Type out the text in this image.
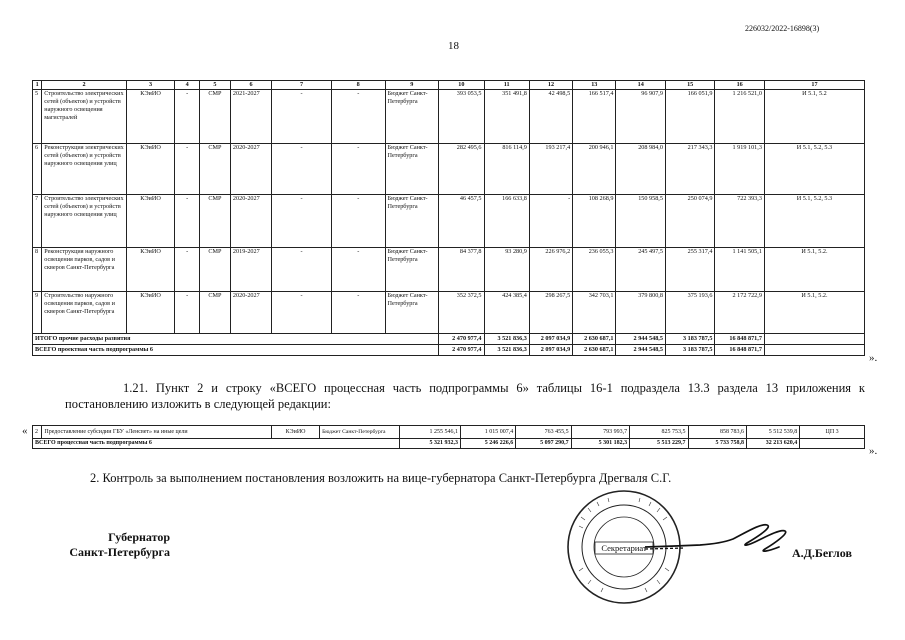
226032/2022-16898(3)
18
1	2	3	4	5	6	7	8	9	10	11	12	13	14	15	16	17
5	Строительство электрических сетей (объектов) и устройств наружного освещения магистралей	КЭиИО	-	СМР	2021-2027	-	-	Бюджет Санкт-Петербурга	393 053,5	351 491,8	42 498,5	166 517,4	96 907,9	166 051,9	1 216 521,0	И 5.1, 5.2
6	Реконструкция электрических сетей (объектов) и устройств наружного освещения улиц	КЭиИО	-	СМР	2020-2027	-	-	Бюджет Санкт-Петербурга	282 495,6	816 114,9	193 217,4	200 946,1	208 984,0	217 343,3	1 919 101,3	И 5.1, 5.2, 5.3
7	Строительство электрических сетей (объектов) и устройств наружного освещения улиц	КЭиИО	-	СМР	2020-2027	-	-	Бюджет Санкт-Петербурга	46 457,5	166 633,8	-	108 268,9	150 958,5	250 074,9	722 393,3	И 5.1, 5.2, 5.3
8	Реконструкция наружного освещения парков, садов и скверов Санкт-Петербурга	КЭиИО	-	СМР	2019-2027	-	-	Бюджет Санкт-Петербурга	84 377,8	93 280,9	226 976,2	236 055,3	245 497,5	255 317,4	1 141 505,1	И 5.1, 5.2.
9	Строительство наружного освещения парков, садов и скверов Санкт-Петербурга	КЭиИО	-	СМР	2020-2027	-	-	Бюджет Санкт-Петербурга	352 372,5	424 385,4	298 267,5	342 703,1	379 800,8	375 193,6	2 172 722,9	И 5.1, 5.2.
ИТОГО прочие расходы развития									2 470 977,4	3 521 836,3	2 097 034,9	2 630 687,1	2 944 548,5	3 183 787,5	16 848 871,7	
ВСЕГО проектная часть подпрограммы 6									2 470 977,4	3 521 836,3	2 097 034,9	2 630 687,1	2 944 548,5	3 183 787,5	16 848 871,7	
».
1.21. Пункт 2 и строку «ВСЕГО процессная часть подпрограммы 6» таблицы 16-1 подраздела 13.3 раздела 13 приложения к постановлению изложить в следующей редакции:
« 2	Предоставление субсидии ГБУ «Ленсвет» на иные цели	КЭиИО	Бюджет Санкт-Петербурга	1 255 546,1	1 015 007,4	763 455,5	793 993,7	825 753,5	858 783,6	5 512 539,8	ЦП 3
ВСЕГО процессная часть подпрограммы 6				5 321 932,3	5 246 226,6	5 097 290,7	5 301 182,3	5 513 229,7	5 733 758,8	32 213 620,4	
».
2. Контроль за выполнением постановления возложить на вице-губернатора Санкт-Петербурга Дрегваля С.Г.
Губернатор
Санкт-Петербурга	Секретариат	А.Д.Беглов
